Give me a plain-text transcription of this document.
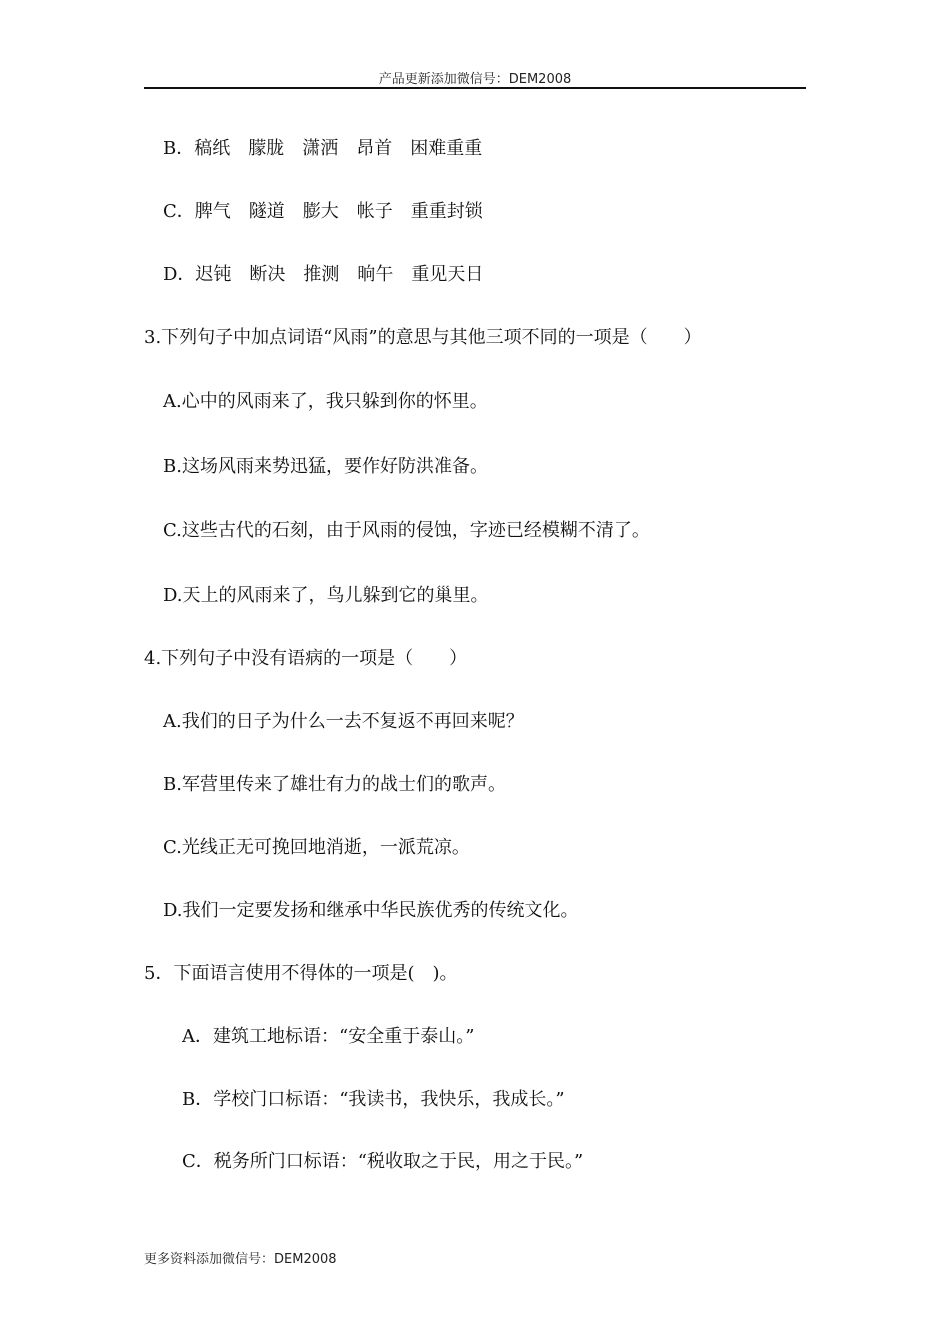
产品更新添加微信号：DEM2008
B．稿纸　朦胧　潇洒　昂首　困难重重
C．脾气　隧道　膨大　帐子　重重封锁
D．迟钝　断决　推测　晌午　重见天日
3.下列句子中加点词语“风雨”的意思与其他三项不同的一项是（　　）
A.心中的风雨来了，我只躲到你的怀里。
B.这场风雨来势迅猛，要作好防洪准备。
C.这些古代的石刻，由于风雨的侵蚀，字迹已经模糊不清了。
D.天上的风雨来了，鸟儿躲到它的巢里。
4.下列句子中没有语病的一项是（　　）
A.我们的日子为什么一去不复返不再回来呢？
B.军营里传来了雄壮有力的战士们的歌声。
C.光线正无可挽回地消逝，一派荒凉。
D.我们一定要发扬和继承中华民族优秀的传统文化。
5．下面语言使用不得体的一项是(　)。
A．建筑工地标语：“安全重于泰山。”
B．学校门口标语：“我读书，我快乐，我成长。”
C．税务所门口标语：“税收取之于民，用之于民。”
更多资料添加微信号：DEM2008
